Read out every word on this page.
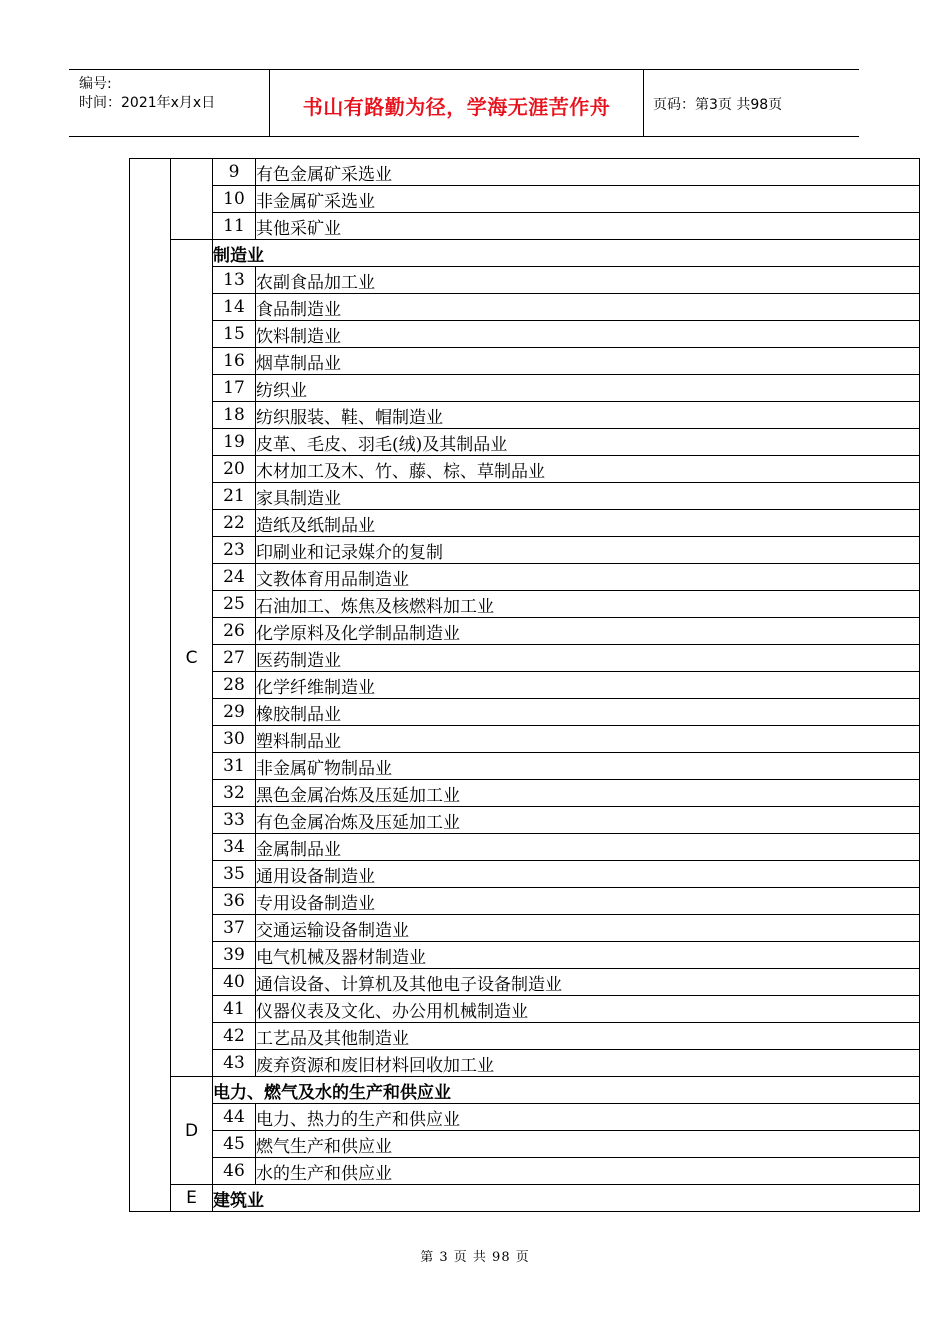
编号:
时间：2021年x月x日	书山有路勤为径，学海无涯苦作舟	页码：第3页 共98页
		9	有色金属矿采选业
		10	非金属矿采选业
		11	其他采矿业
	C	制造业	
		13	农副食品加工业
		14	食品制造业
		15	饮料制造业
		16	烟草制品业
		17	纺织业
		18	纺织服装、鞋、帽制造业
		19	皮革、毛皮、羽毛(绒)及其制品业
		20	木材加工及木、竹、藤、棕、草制品业
		21	家具制造业
		22	造纸及纸制品业
		23	印刷业和记录媒介的复制
		24	文教体育用品制造业
		25	石油加工、炼焦及核燃料加工业
		26	化学原料及化学制品制造业
		27	医药制造业
		28	化学纤维制造业
		29	橡胶制品业
		30	塑料制品业
		31	非金属矿物制品业
		32	黑色金属冶炼及压延加工业
		33	有色金属冶炼及压延加工业
		34	金属制品业
		35	通用设备制造业
		36	专用设备制造业
		37	交通运输设备制造业
		39	电气机械及器材制造业
		40	通信设备、计算机及其他电子设备制造业
		41	仪器仪表及文化、办公用机械制造业
		42	工艺品及其他制造业
		43	废弃资源和废旧材料回收加工业
	D	电力、燃气及水的生产和供应业	
		44	电力、热力的生产和供应业
		45	燃气生产和供应业
		46	水的生产和供应业
	E	建筑业	
第 3 页 共 98 页
